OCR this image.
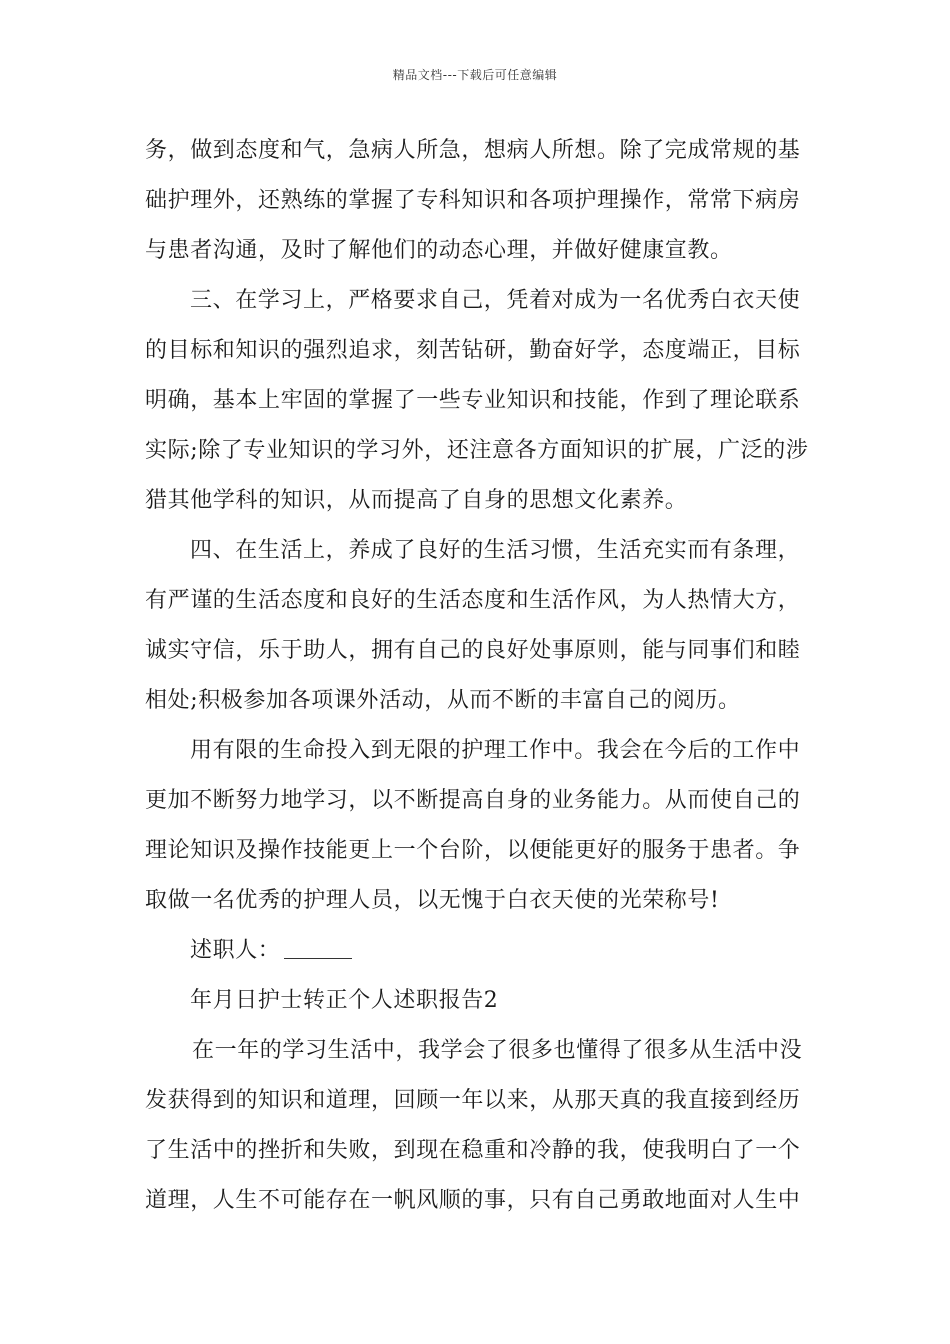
精品文档---下载后可任意编辑
务，做到态度和气，急病人所急，想病人所想。除了完成常规的基
础护理外，还熟练的掌握了专科知识和各项护理操作，常常下病房
与患者沟通，及时了解他们的动态心理，并做好健康宣教。
三、在学习上，严格要求自己，凭着对成为一名优秀白衣天使
的目标和知识的强烈追求，刻苦钻研，勤奋好学，态度端正，目标
明确，基本上牢固的掌握了一些专业知识和技能，作到了理论联系
实际;除了专业知识的学习外，还注意各方面知识的扩展，广泛的涉
猎其他学科的知识，从而提高了自身的思想文化素养。
四、在生活上，养成了良好的生活习惯，生活充实而有条理，
有严谨的生活态度和良好的生活态度和生活作风，为人热情大方，
诚实守信，乐于助人，拥有自己的良好处事原则，能与同事们和睦
相处;积极参加各项课外活动，从而不断的丰富自己的阅历。
用有限的生命投入到无限的护理工作中。我会在今后的工作中
更加不断努力地学习，以不断提高自身的业务能力。从而使自己的
理论知识及操作技能更上一个台阶，以便能更好的服务于患者。争
取做一名优秀的护理人员，以无愧于白衣天使的光荣称号!
述职人：
年月日护士转正个人述职报告2
在一年的学习生活中，我学会了很多也懂得了很多从生活中没
发获得到的知识和道理，回顾一年以来，从那天真的我直接到经历
了生活中的挫折和失败，到现在稳重和冷静的我，使我明白了一个
道理，人生不可能存在一帆风顺的事，只有自己勇敢地面对人生中
